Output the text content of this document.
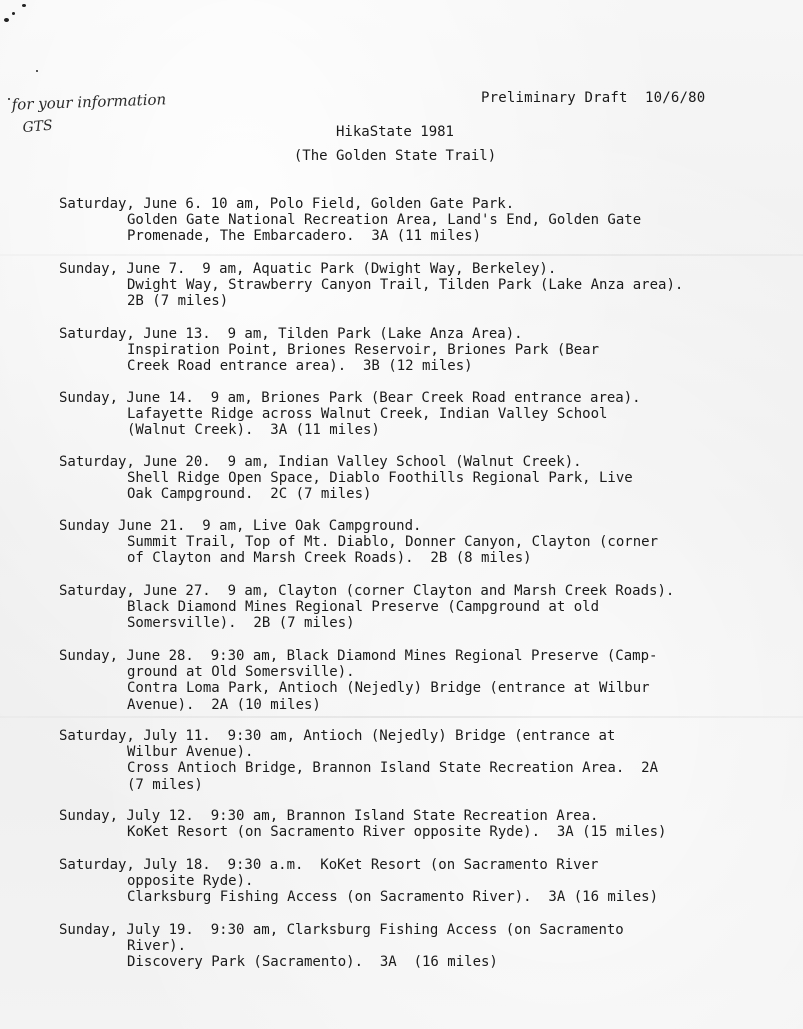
for your information
GTS
Preliminary Draft  10/6/80
HikaState 1981
(The Golden State Trail)
Saturday, June 6. 10 am, Polo Field, Golden Gate Park.
Golden Gate National Recreation Area, Land's End, Golden Gate
Promenade, The Embarcadero.  3A (11 miles)
Sunday, June 7.  9 am, Aquatic Park (Dwight Way, Berkeley).
Dwight Way, Strawberry Canyon Trail, Tilden Park (Lake Anza area).
2B (7 miles)
Saturday, June 13.  9 am, Tilden Park (Lake Anza Area).
Inspiration Point, Briones Reservoir, Briones Park (Bear
Creek Road entrance area).  3B (12 miles)
Sunday, June 14.  9 am, Briones Park (Bear Creek Road entrance area).
Lafayette Ridge across Walnut Creek, Indian Valley School
(Walnut Creek).  3A (11 miles)
Saturday, June 20.  9 am, Indian Valley School (Walnut Creek).
Shell Ridge Open Space, Diablo Foothills Regional Park, Live
Oak Campground.  2C (7 miles)
Sunday June 21.  9 am, Live Oak Campground.
Summit Trail, Top of Mt. Diablo, Donner Canyon, Clayton (corner
of Clayton and Marsh Creek Roads).  2B (8 miles)
Saturday, June 27.  9 am, Clayton (corner Clayton and Marsh Creek Roads).
Black Diamond Mines Regional Preserve (Campground at old
Somersville).  2B (7 miles)
Sunday, June 28.  9:30 am, Black Diamond Mines Regional Preserve (Camp-
ground at Old Somersville).
Contra Loma Park, Antioch (Nejedly) Bridge (entrance at Wilbur
Avenue).  2A (10 miles)
Saturday, July 11.  9:30 am, Antioch (Nejedly) Bridge (entrance at
Wilbur Avenue).
Cross Antioch Bridge, Brannon Island State Recreation Area.  2A
(7 miles)
Sunday, July 12.  9:30 am, Brannon Island State Recreation Area.
KoKet Resort (on Sacramento River opposite Ryde).  3A (15 miles)
Saturday, July 18.  9:30 a.m.  KoKet Resort (on Sacramento River
opposite Ryde).
Clarksburg Fishing Access (on Sacramento River).  3A (16 miles)
Sunday, July 19.  9:30 am, Clarksburg Fishing Access (on Sacramento
River).
Discovery Park (Sacramento).  3A  (16 miles)
